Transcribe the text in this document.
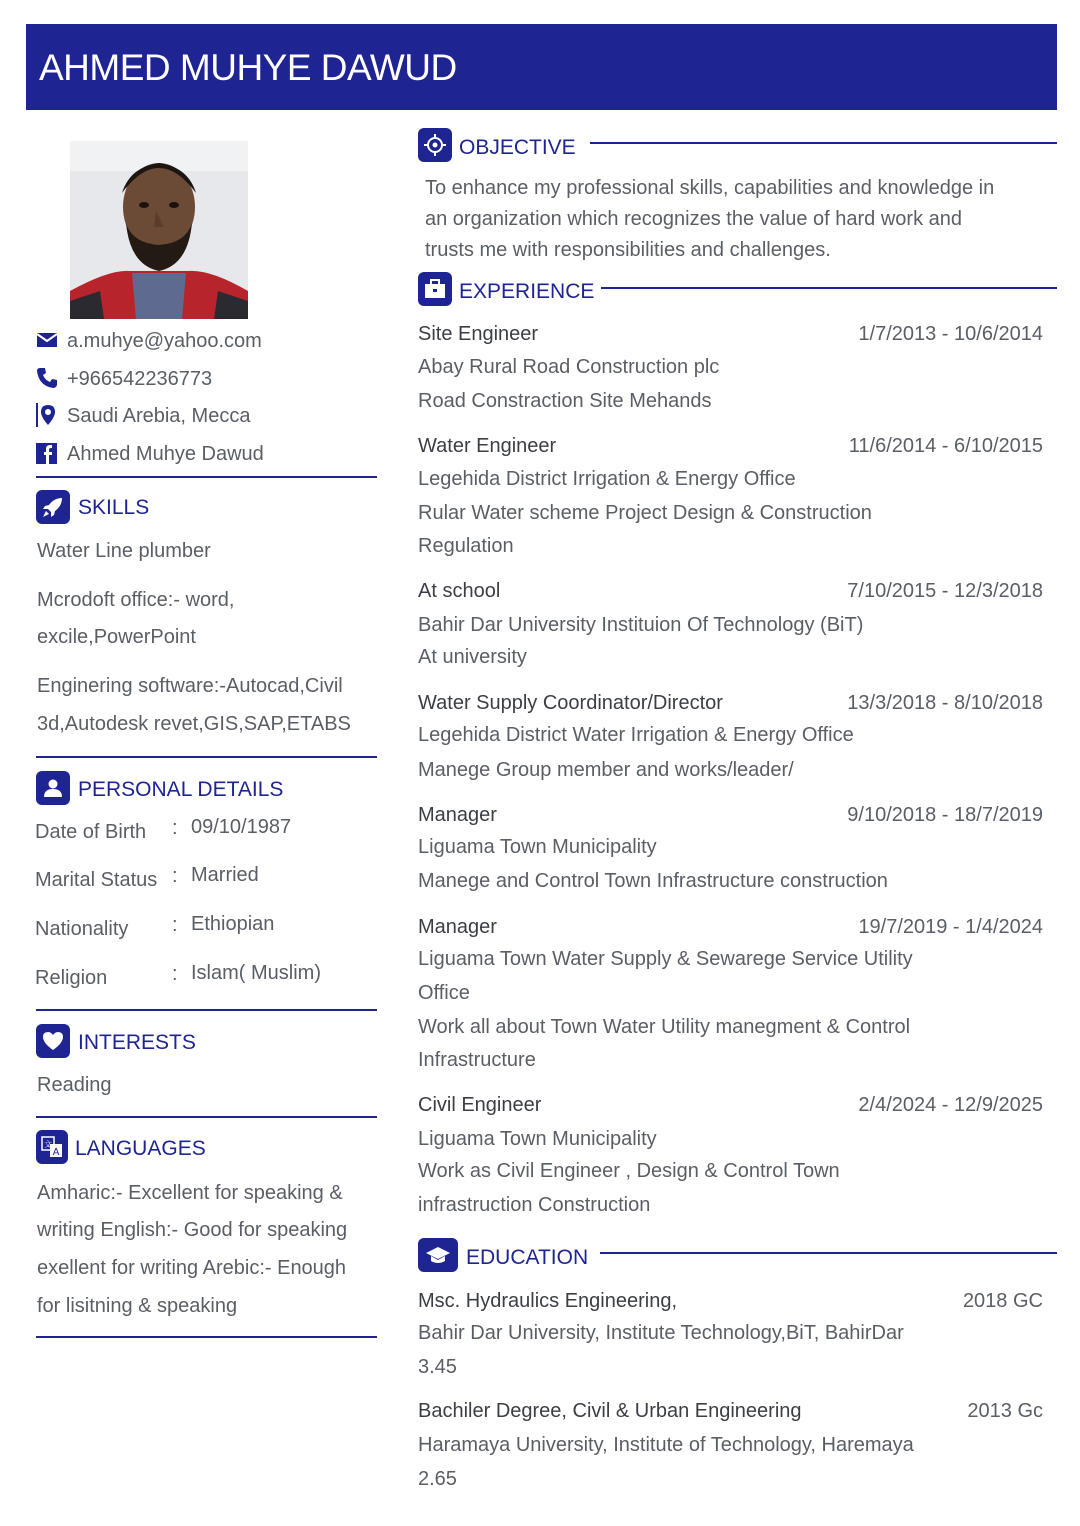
AHMED MUHYE DAWUD
a.muhye@yahoo.com
+966542236773
Saudi Arebia, Mecca
Ahmed Muhye Dawud
SKILLS
Water Line plumber
Mcrodoft office:- word,
excile,PowerPoint
Enginering software:-Autocad,Civil
3d,Autodesk revet,GIS,SAP,ETABS
PERSONAL DETAILS
Date of Birth : 09/10/1987
Marital Status : Married
Nationality : Ethiopian
Religion	: Islam( Muslim)
INTERESTS
Reading
A
文 LANGUAGES
Amharic:- Excellent for speaking &
writing English:- Good for speaking
exellent for writing Arebic:- Enough
for lisitning & speaking
OBJECTIVE
To enhance my professional skills, capabilities and knowledge in
an organization which recognizes the value of hard work and
trusts me with responsibilities and challenges.
EXPERIENCE
Site Engineer	1/7/2013 - 10/6/2014
Abay Rural Road Construction plc
Road Constraction Site Mehands
Water Engineer	11/6/2014 - 6/10/2015
Legehida District Irrigation & Energy Office
Rular Water scheme Project Design & Construction
Regulation
At school	7/10/2015 - 12/3/2018
Bahir Dar University Instituion Of Technology (BiT)
At university
Water Supply Coordinator/Director	13/3/2018 - 8/10/2018
Legehida District Water Irrigation & Energy Office
Manege Group member and works/leader/
Manager	9/10/2018 - 18/7/2019
Liguama Town Municipality
Manege and Control Town Infrastructure construction
Manager	19/7/2019 - 1/4/2024
Liguama Town Water Supply & Sewarege Service Utility
Office
Work all about Town Water Utility manegment & Control
Infrastructure
Civil Engineer	2/4/2024 - 12/9/2025
Liguama Town Municipality
Work as Civil Engineer , Design & Control Town
infrastruction Construction
EDUCATION
Msc. Hydraulics Engineering,	2018 GC
Bahir Dar University, Institute Technology,BiT, BahirDar
3.45
Bachiler Degree, Civil & Urban Engineering	2013 Gc
Haramaya University, Institute of Technology, Haremaya
2.65
